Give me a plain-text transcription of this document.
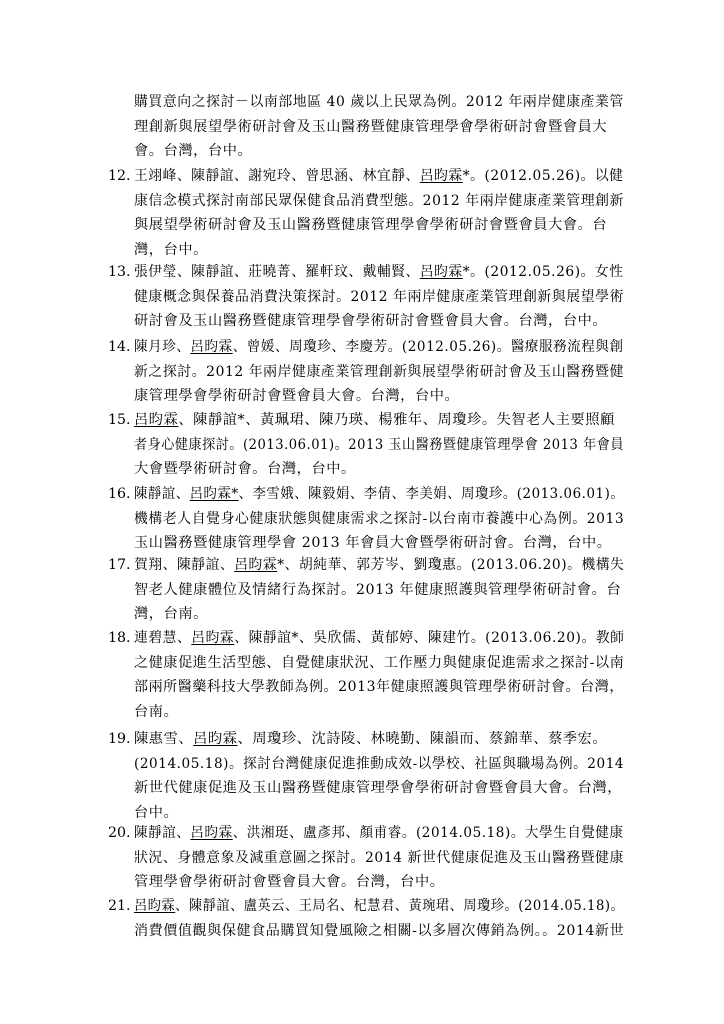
購買意向之探討－以南部地區 40 歲以上民眾為例。2012 年兩岸健康產業管
理創新與展望學術研討會及玉山醫務暨健康管理學會學術研討會暨會員大
會。台灣，台中。
12. 王翊峰、陳靜誼、謝宛玲、曾思涵、林宜靜、呂昀霖*。(2012.05.26)。以健
康信念模式探討南部民眾保健食品消費型態。2012 年兩岸健康產業管理創新
與展望學術研討會及玉山醫務暨健康管理學會學術研討會暨會員大會。台
灣，台中。
13. 張伊瑩、陳靜誼、莊曉菁、羅軒玟、戴輔賢、呂昀霖*。(2012.05.26)。女性
健康概念與保養品消費決策探討。2012 年兩岸健康產業管理創新與展望學術
研討會及玉山醫務暨健康管理學會學術研討會暨會員大會。台灣，台中。
14. 陳月珍、呂昀霖、曾媛、周瓊珍、李慶芳。(2012.05.26)。醫療服務流程與創
新之探討。2012 年兩岸健康產業管理創新與展望學術研討會及玉山醫務暨健
康管理學會學術研討會暨會員大會。台灣，台中。
15. 呂昀霖、陳靜誼*、黃珮珺、陳乃瑛、楊雅年、周瓊珍。失智老人主要照顧
者身心健康探討。(2013.06.01)。2013 玉山醫務暨健康管理學會 2013 年會員
大會暨學術研討會。台灣，台中。
16. 陳靜誼、呂昀霖*、李雪娥、陳毅娟、李倩、李美娟、周瓊珍。(2013.06.01)。
機構老人自覺身心健康狀態與健康需求之探討-以台南市養護中心為例。2013
玉山醫務暨健康管理學會 2013 年會員大會暨學術研討會。台灣，台中。
17. 賀翔、陳靜誼、呂昀霖*、胡純華、郭芳岑、劉瓊惠。(2013.06.20)。機構失
智老人健康體位及情緒行為探討。2013 年健康照護與管理學術研討會。台
灣，台南。
18. 連碧慧、呂昀霖、陳靜誼*、吳欣儒、黃郁婷、陳建竹。(2013.06.20)。教師
之健康促進生活型態、自覺健康狀況、工作壓力與健康促進需求之探討-以南
部兩所醫藥科技大學教師為例。2013年健康照護與管理學術研討會。台灣，
台南。
19. 陳惠雪、呂昀霖、周瓊珍、沈詩陵、林曉勤、陳韻而、蔡錦華、蔡季宏。
(2014.05.18)。探討台灣健康促進推動成效-以學校、社區與職場為例。2014
新世代健康促進及玉山醫務暨健康管理學會學術研討會暨會員大會。台灣，
台中。
20. 陳靜誼、呂昀霖、洪湘珽、盧彥邦、顏甫睿。(2014.05.18)。大學生自覺健康
狀況、身體意象及減重意圖之探討。2014 新世代健康促進及玉山醫務暨健康
管理學會學術研討會暨會員大會。台灣，台中。
21. 呂昀霖、陳靜誼、盧英云、王局名、杞慧君、黃琬珺、周瓊珍。(2014.05.18)。
消費價值觀與保健食品購買知覺風險之相關-以多層次傳銷為例。。2014新世
